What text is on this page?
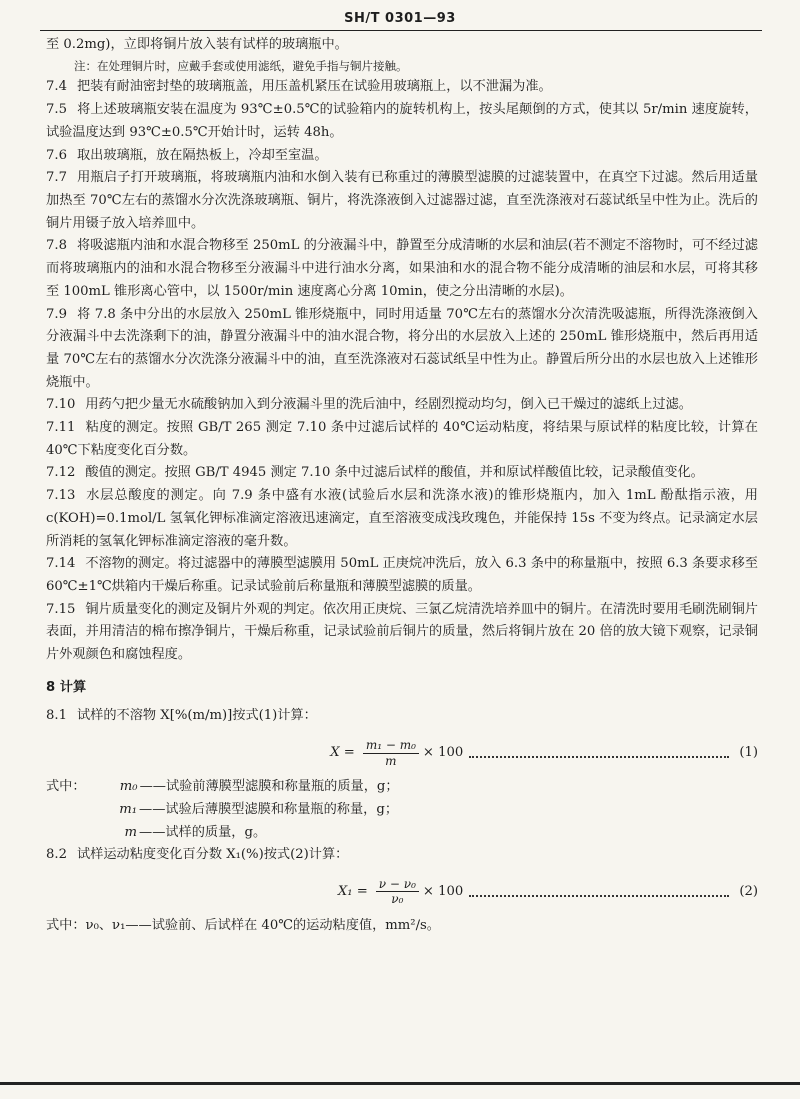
SH/T 0301—93

至 0.2mg)，立即将铜片放入装有试样的玻璃瓶中。

注：在处理铜片时，应戴手套或使用滤纸，避免手指与铜片接触。

7.4 把装有耐油密封垫的玻璃瓶盖，用压盖机紧压在试验用玻璃瓶上，以不泄漏为准。

7.5 将上述玻璃瓶安装在温度为 93℃±0.5℃的试验箱内的旋转机构上，按头尾颠倒的方式，使其以 5r/min 速度旋转，试验温度达到 93℃±0.5℃开始计时，运转 48h。

7.6 取出玻璃瓶，放在隔热板上，冷却至室温。

7.7 用瓶启子打开玻璃瓶，将玻璃瓶内油和水倒入装有已称重过的薄膜型滤膜的过滤装置中，在真空下过滤。然后用适量加热至 70℃左右的蒸馏水分次洗涤玻璃瓶、铜片，将洗涤液倒入过滤器过滤，直至洗涤液对石蕊试纸呈中性为止。洗后的铜片用镊子放入培养皿中。

7.8 将吸滤瓶内油和水混合物移至 250mL 的分液漏斗中，静置至分成清晰的水层和油层(若不测定不溶物时，可不经过滤而将玻璃瓶内的油和水混合物移至分液漏斗中进行油水分离，如果油和水的混合物不能分成清晰的油层和水层，可将其移至 100mL 锥形离心管中，以 1500r/min 速度离心分离 10min，使之分出清晰的水层)。

7.9 将 7.8 条中分出的水层放入 250mL 锥形烧瓶中，同时用适量 70℃左右的蒸馏水分次清洗吸滤瓶，所得洗涤液倒入分液漏斗中去洗涤剩下的油，静置分液漏斗中的油水混合物，将分出的水层放入上述的 250mL 锥形烧瓶中，然后再用适量 70℃左右的蒸馏水分次洗涤分液漏斗中的油，直至洗涤液对石蕊试纸呈中性为止。静置后所分出的水层也放入上述锥形烧瓶中。

7.10 用药勺把少量无水硫酸钠加入到分液漏斗里的洗后油中，经剧烈搅动均匀，倒入已干燥过的滤纸上过滤。

7.11 粘度的测定。按照 GB/T 265 测定 7.10 条中过滤后试样的 40℃运动粘度，将结果与原试样的粘度比较，计算在 40℃下粘度变化百分数。

7.12 酸值的测定。按照 GB/T 4945 测定 7.10 条中过滤后试样的酸值，并和原试样酸值比较，记录酸值变化。

7.13 水层总酸度的测定。向 7.9 条中盛有水液(试验后水层和洗涤水液)的锥形烧瓶内，加入 1mL 酚酞指示液，用 c(KOH)=0.1mol/L 氢氧化钾标准滴定溶液迅速滴定，直至溶液变成浅玫瑰色，并能保持 15s 不变为终点。记录滴定水层所消耗的氢氧化钾标准滴定溶液的毫升数。

7.14 不溶物的测定。将过滤器中的薄膜型滤膜用 50mL 正庚烷冲洗后，放入 6.3 条中的称量瓶中，按照 6.3 条要求移至 60℃±1℃烘箱内干燥后称重。记录试验前后称量瓶和薄膜型滤膜的质量。

7.15 铜片质量变化的测定及铜片外观的判定。依次用正庚烷、三氯乙烷清洗培养皿中的铜片。在清洗时要用毛刷洗刷铜片表面，并用清洁的棉布擦净铜片，干燥后称重，记录试验前后铜片的质量，然后将铜片放在 20 倍的放大镜下观察，记录铜片外观颜色和腐蚀程度。

8 计算

8.1 试样的不溶物 X[%(m/m)]按式(1)计算：

$X = \frac{\text{m₁ − m₀}}{m} \times 100$	(1)
式中：	m₀ —— 试验前薄膜型滤膜和称量瓶的质量，g；
m₁ —— 试验后薄膜型滤膜和称量瓶的称量，g；
m —— 试样的质量，g。

8.2 试样运动粘度变化百分数 X₁(%)按式(2)计算：

$X_1 = \frac{\text{ν − ν₀}}{\text{ν₀}} \times 100$	(2)

式中：ν₀、ν₁——试验前、后试样在 40℃的运动粘度值，mm²/s。
